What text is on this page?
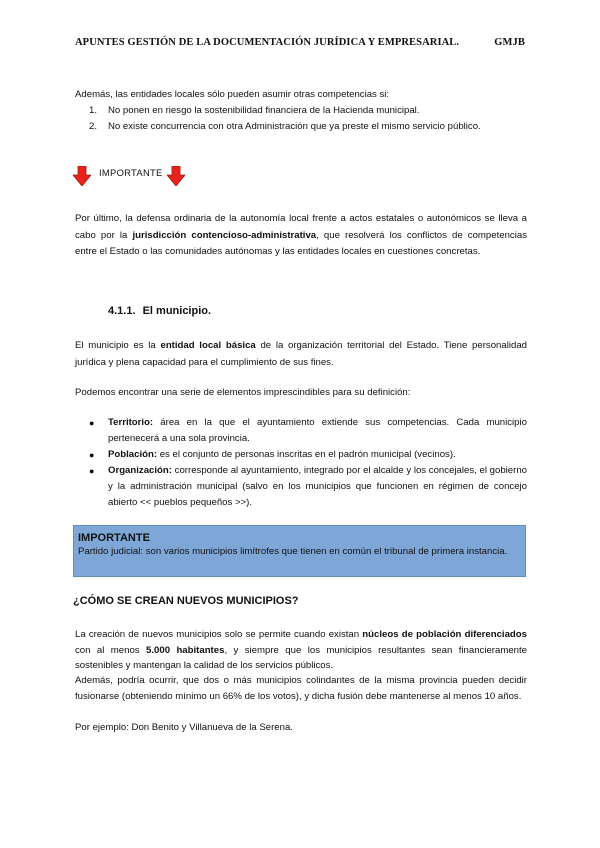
APUNTES GESTIÓN DE LA DOCUMENTACIÓN JURÍDICA Y EMPRESARIAL.	GMJB
Además, las entidades locales sólo pueden asumir otras competencias si:
1. No ponen en riesgo la sostenibilidad financiera de la Hacienda municipal.
2. No existe concurrencia con otra Administración que ya preste el mismo servicio público.
IMPORTANTE
Por último, la defensa ordinaria de la autonomía local frente a actos estatales o autonómicos se lleva a cabo por la jurisdicción contencioso-administrativa, que resolverá los conflictos de competencias entre el Estado o las comunidades autónomas y las entidades locales en cuestiones concretas.
4.1.1. El municipio.
El municipio es la entidad local básica de la organización territorial del Estado. Tiene personalidad jurídica y plena capacidad para el cumplimiento de sus fines.
Podemos encontrar una serie de elementos imprescindibles para su definición:
● Territorio: área en la que el ayuntamiento extiende sus competencias. Cada municipio pertenecerá a una sola provincia.
● Población: es el conjunto de personas inscritas en el padrón municipal (vecinos).
● Organización: corresponde al ayuntamiento, integrado por el alcalde y los concejales, el gobierno y la administración municipal (salvo en los municipios que funcionen en régimen de concejo abierto << pueblos pequeños >>).
IMPORTANTE
Partido judicial: son varios municipios limítrofes que tienen en común el tribunal de primera instancia.
¿CÓMO SE CREAN NUEVOS MUNICIPIOS?
La creación de nuevos municipios solo se permite cuando existan núcleos de población diferenciados con al menos 5.000 habitantes, y siempre que los municipios resultantes sean financieramente sostenibles y mantengan la calidad de los servicios públicos.
Además, podría ocurrir, que dos o más municipios colindantes de la misma provincia pueden decidir fusionarse (obteniendo mínimo un 66% de los votos), y dicha fusión debe mantenerse al menos 10 años.
Por ejemplo: Don Benito y Villanueva de la Serena.
